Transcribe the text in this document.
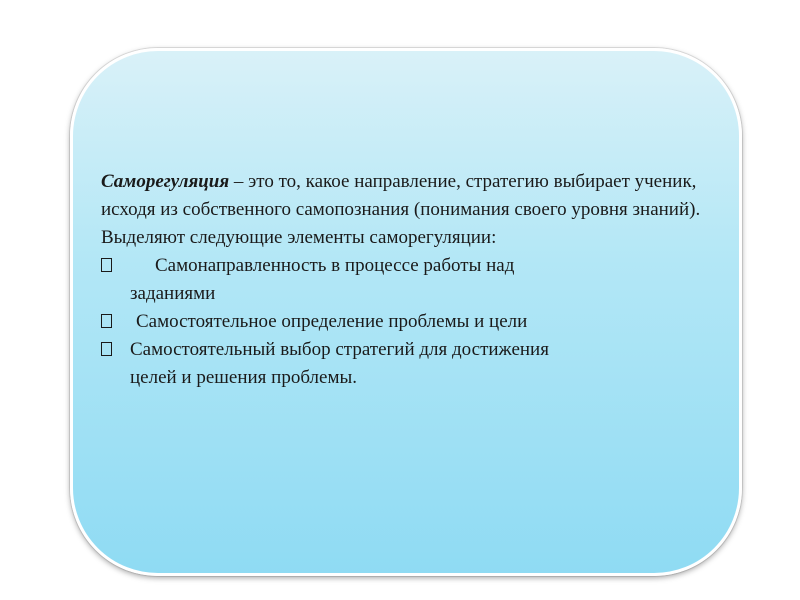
Саморегуляция – это то, какое направление, стратегию выбирает ученик, исходя из собственного самопознания (понимания своего уровня знаний). Выделяют следующие элементы саморегуляции:

Самонаправленность в процессе работы над
заданиями
Самостоятельное определение проблемы и цели
Самостоятельный выбор стратегий для достижения
целей и решения проблемы.
